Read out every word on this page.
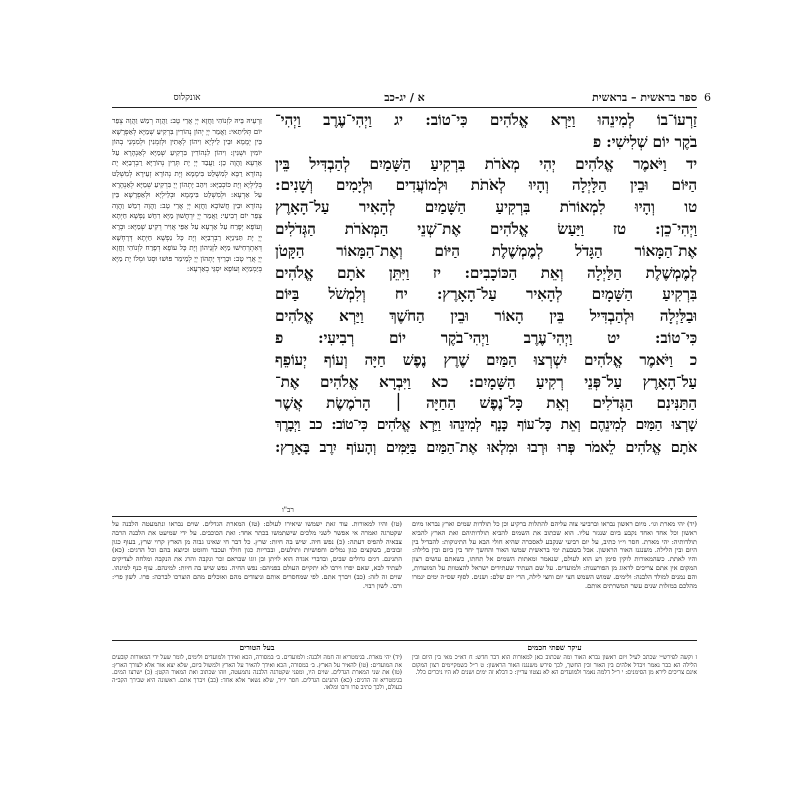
ספר בראשית – בראשית
א / יג-כב	6
אונקלוס
זַרְעֵיהּ בֵּיהּ לִזְנוֹהִי וַחֲזָא יְיָ אֲרֵי טָב: וַהֲוָה רְמַשׁ וַהֲוָה צְפַר יוֹם תְּלִיתַאי: וַאֲמַר יְיָ יְהוֹן נְהוֹרִין בִּרְקִיעַ שְׁמַיָּא לְאַפְרָשָׁא בֵּין יְמָמָא וּבֵין לֵילְיָא וִיהוֹן לְאָתִין וּלְזִמְנִין וּלְמִמְנֵי בְהוֹן יוֹמִין וּשְׁנִין: וִיהוֹן לִנְהוֹרִין בִּרְקִיעַ שְׁמַיָּא לְאַנְהָרָא עַל אַרְעָא וַהֲוָה כֵן: וַעֲבַד יְיָ יָת תְּרֵין נְהוֹרַיָּא רַבְרְבַיָּא יָת נְהוֹרָא רַבָּא לְמִשְׁלַט בִּימָמָא וְיָת נְהוֹרָא זְעֵירָא לְמִשְׁלַט בְּלֵילְיָא וְיָת כּוֹכְבַיָּא: וִיהַב יָתְהוֹן יְיָ בִּרְקִיעַ שְׁמַיָּא לְאַנְהָרָא עַל אַרְעָא: וּלְמִשְׁלַט בִּימָמָא וּבְלֵילְיָא וּלְאַפְרָשָׁא בֵּין נְהוֹרָא וּבֵין חֲשׁוֹכָא וַחֲזָא יְיָ אֲרֵי טָב: וַהֲוָה רְמַשׁ וַהֲוָה צְפַר יוֹם רְבִיעַי: וַאֲמַר יְיָ יִרְחֲשׁוּן מַיָּא רִחֵשׁ נַפְשָׁא חַיְתָא וְעוֹפָא יְפָרַח עַל אַרְעָא עַל אַפֵּי אֲוִיר רְקִיעַ שְׁמַיָּא: וּבְרָא יְיָ יָת תַּנִּינַיָּא רַבְרְבַיָּא וְיָת כָּל נַפְשָׁא חַיְתָא דְּרָחְשָׁא דְּאִתְרְחִישׁוּ מַיָּא לִזְנֵיהוֹן וְיָת כָּל עוֹפָא דְפָרַח לִזְנוֹהִי וַחֲזָא יְיָ אֲרֵי טָב: וּבָרֵיךְ יָתְהוֹן יְיָ לְמֵימַר פּוּשׁוּ וּסְגוֹ וּמְלוֹ יָת מַיָּא בְּיַמְמַיָּא וְעוֹפָא יִסְגֵּי בְאַרְעָא:
זַרְעוֹ־בוֹ לְמִינֵהוּ וַיַּרְא אֱלֹהִים כִּי־טוֹב: יג וַיְהִי־עֶרֶב וַיְהִי־
בֹקֶר יוֹם שְׁלִישִׁי: פ
יד וַיֹּאמֶר אֱלֹהִים יְהִי מְאֹרֹת בִּרְקִיעַ הַשָּׁמַיִם לְהַבְדִּיל בֵּין
הַיּוֹם וּבֵין הַלָּיְלָה וְהָיוּ לְאֹתֹת וּלְמוֹעֲדִים וּלְיָמִים וְשָׁנִים:
טו וְהָיוּ לִמְאוֹרֹת בִּרְקִיעַ הַשָּׁמַיִם לְהָאִיר עַל־הָאָרֶץ
וַיְהִי־כֵן: טז וַיַּעַשׂ אֱלֹהִים אֶת־שְׁנֵי הַמְּאֹרֹת הַגְּדֹלִים
אֶת־הַמָּאוֹר הַגָּדֹל לְמֶמְשֶׁלֶת הַיּוֹם וְאֶת־הַמָּאוֹר הַקָּטֹן
לְמֶמְשֶׁלֶת הַלַּיְלָה וְאֵת הַכּוֹכָבִים: יז וַיִּתֵּן אֹתָם אֱלֹהִים
בִּרְקִיעַ הַשָּׁמָיִם לְהָאִיר עַל־הָאָרֶץ: יח וְלִמְשֹׁל בַּיּוֹם
וּבַלַּיְלָה וּלְהַבְדִּיל בֵּין הָאוֹר וּבֵין הַחֹשֶׁךְ וַיַּרְא אֱלֹהִים
כִּי־טוֹב: יט וַיְהִי־עֶרֶב וַיְהִי־בֹקֶר יוֹם רְבִיעִי: פ
כ וַיֹּאמֶר אֱלֹהִים יִשְׁרְצוּ הַמַּיִם שֶׁרֶץ נֶפֶשׁ חַיָּה וְעוֹף יְעוֹפֵף
עַל־הָאָרֶץ עַל־פְּנֵי רְקִיעַ הַשָּׁמָיִם: כא וַיִּבְרָא אֱלֹהִים אֶת־
הַתַּנִּינִם הַגְּדֹלִים וְאֵת כָּל־נֶפֶשׁ הַחַיָּה ׀ הָרֹמֶשֶׂת אֲשֶׁר
שָׁרְצוּ הַמַּיִם לְמִינֵהֶם וְאֵת כָּל־עוֹף כָּנָף לְמִינֵהוּ וַיַּרְא אֱלֹהִים כִּי־טוֹב: כב וַיְבָרֶךְ
אֹתָם אֱלֹהִים לֵאמֹר פְּרוּ וּרְבוּ וּמִלְאוּ אֶת־הַמַּיִם בַּיַּמִּים וְהָעוֹף יִרֶב בָּאָרֶץ:
רב"ו
(יד) יהי מארת וגו׳. מיום ראשון נבראו וברביעי צוה עליהם להתלות ברקיע וכן כל תולדות שמים וארץ נבראו מיום ראשון וכל אחד ואחד נקבע ביום שנגזר עליו. הוא שכתוב את השמים להביא תולדותיהם ואת הארץ להביא תולדותיה: יהי מארת. חסר וי״ו כתיב, על יום רביעי שנקבע לאסכרה שהיא חולי הבא על התינוקות: להבדיל בין היום ובין הלילה. משנגנז האור הראשון. אבל בשבעת ימי בראשית שמשו האור והחשך יחד בין ביום ובין בלילה: והיו לאתת. כשהמאורות לוקין סימן רע הוא לעולם, שנאמר ומאתות השמים אל תחתו, כשאתם עושים רצון המקום אין אתם צריכים לדאוג מן הפורענות: ולמועדים. על שם העתיד שעתידים ישראל להצטוות על המועדות, והם נמנים למולד הלבנה: ולימים. שמוש השמש חצי יום וחצי לילה, הרי יום שלם: ושנים. לסוף שס״ה ימים יגמרו מהלכם במזלות שנים עשר המשרתים אותם.
(טו) והיו למאורות. עוד זאת ישמשו שיאירו לעולם: (טז) המארת הגדלים. שוים נבראו ונתמעטה הלבנה על שקטרגה ואמרה אי אפשר לשני מלכים שישתמשו בכתר אחד: ואת הכוכבים. על ידי שמיעט את הלבנה הרבה צבאיה להפיס דעתה: (כ) נפש חיה. שיש בה חיות: שרץ. כל דבר חי שאינו גבוה מן הארץ קרוי שרץ, בעוף כגון זבובים, בשקצים כגון נמלים וחפושיות ותולעים, ובבריות כגון חולד ועכבר וחומט וכיוצא בהם וכל הדגים: (כא) התנינם. דגים גדולים שבים, ובדברי אגדה הוא לויתן ובן זוגו שבראם זכר ונקבה והרג את הנקבה ומלחה לצדיקים לעתיד לבא, שאם יפרו וירבו לא יתקיים העולם בפניהם: נפש החיה. נפש שיש בה חיות: למינהם. עוף כנף למינהו. שוים זה לזה: (כב) ויברך אתם. לפי שמחסרים אותם וניצודים מהם ואוכלים מהם הוצרכו לברכה: פרו. לשון פרי: ורבו. לשון רבוי.
עיקר שפתי חכמים
בעל הטורים
ז וקשה לפירש״י שכתב לעיל ויום ראשון נברא האור ומה שכתוב כאן למאורות הוא דבר חדש: ח דא״כ מאי בין היום ובין הלילה הא כבר נאמר ויבדל אלהים בין האור ובין החשך, לכך פירש משנגנז האור הראשון: ט ר״ל כשמקיימים רצון המקום אינם צריכים לירא מן הסימנים: י ר״ל דלמה נאמר ולמועדים הא לא נצטוו עדיין: כ דבלא זה ימים ושנים לא היו ניכרים כלל.
(יד) יהי מארת. בגימטריא זה חמה ולבנה: ולמועדים. ב׳ במסורה, הכא ואידך ולמועדים ולימים, לומר שעל ידי המאורות קובעים את המועדים: (טו) להאיר על הארץ. ב׳ במסורה, הכא ואידך להאיר על הארץ ולמשול ביום, שלא יצא אור אלא לצורך הארץ: (טז) את שני המארת הגדלים. שוים היו, ומפני שקטרגה הלבנה נתמעטה, וזהו שכתוב ואת המאור הקטן: (כ) ישרצו המים. בגימטריא זה הדגים: (כא) התנינם הגדלים. חסר יו״ד, שלא נשאר אלא אחד: (כב) ויברך אתם. ראשונה היא שבירך הקב״ה בעולם, ולכך כתיב פרו ורבו ומלאו.
